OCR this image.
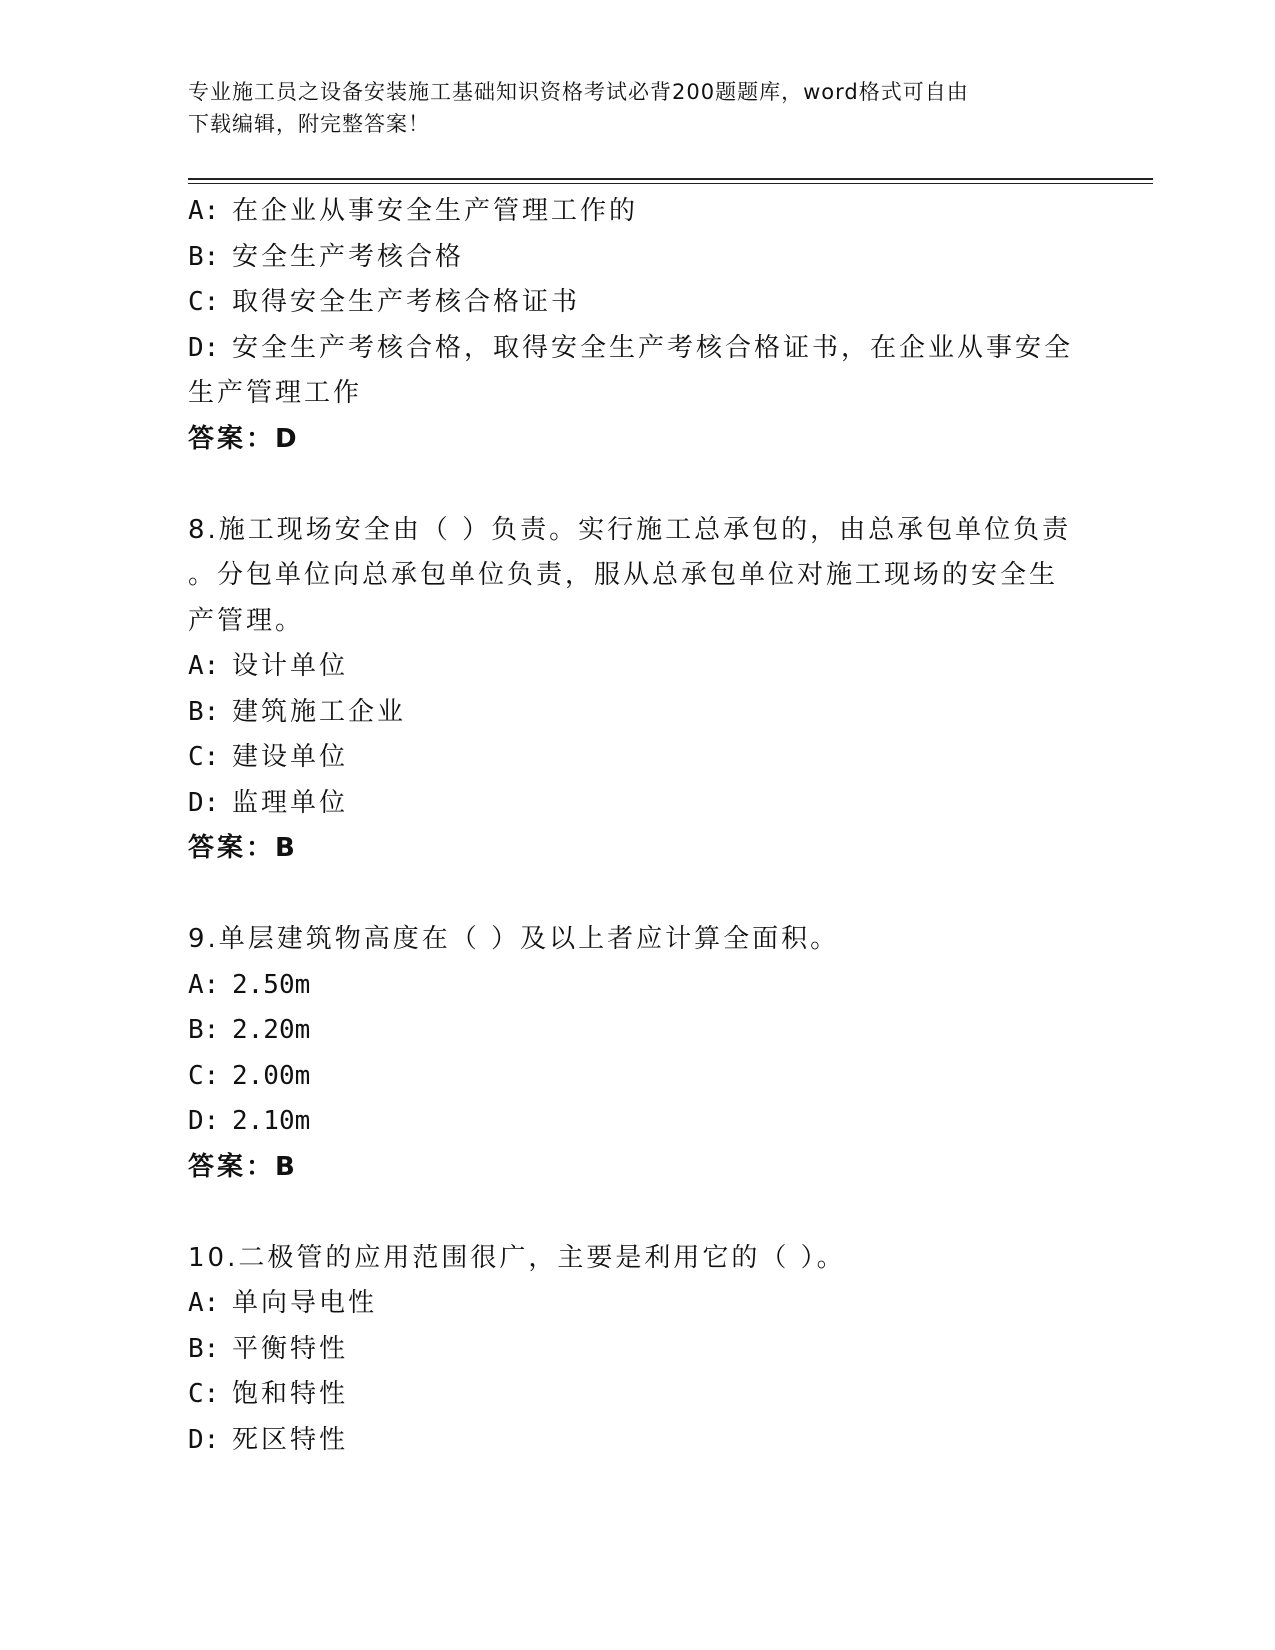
专业施工员之设备安装施工基础知识资格考试必背200题题库，word格式可自由
下载编辑，附完整答案！
A: 在企业从事安全生产管理工作的
B: 安全生产考核合格
C: 取得安全生产考核合格证书
D: 安全生产考核合格，取得安全生产考核合格证书，在企业从事安全
生产管理工作
答案：D
8.施工现场安全由（ ）负责。实行施工总承包的，由总承包单位负责
。分包单位向总承包单位负责，服从总承包单位对施工现场的安全生
产管理。
A: 设计单位
B: 建筑施工企业
C: 建设单位
D: 监理单位
答案：B
9.单层建筑物高度在（ ）及以上者应计算全面积。
A: 2.50m
B: 2.20m
C: 2.00m
D: 2.10m
答案：B
10.二极管的应用范围很广，主要是利用它的（ ）。
A: 单向导电性
B: 平衡特性
C: 饱和特性
D: 死区特性
